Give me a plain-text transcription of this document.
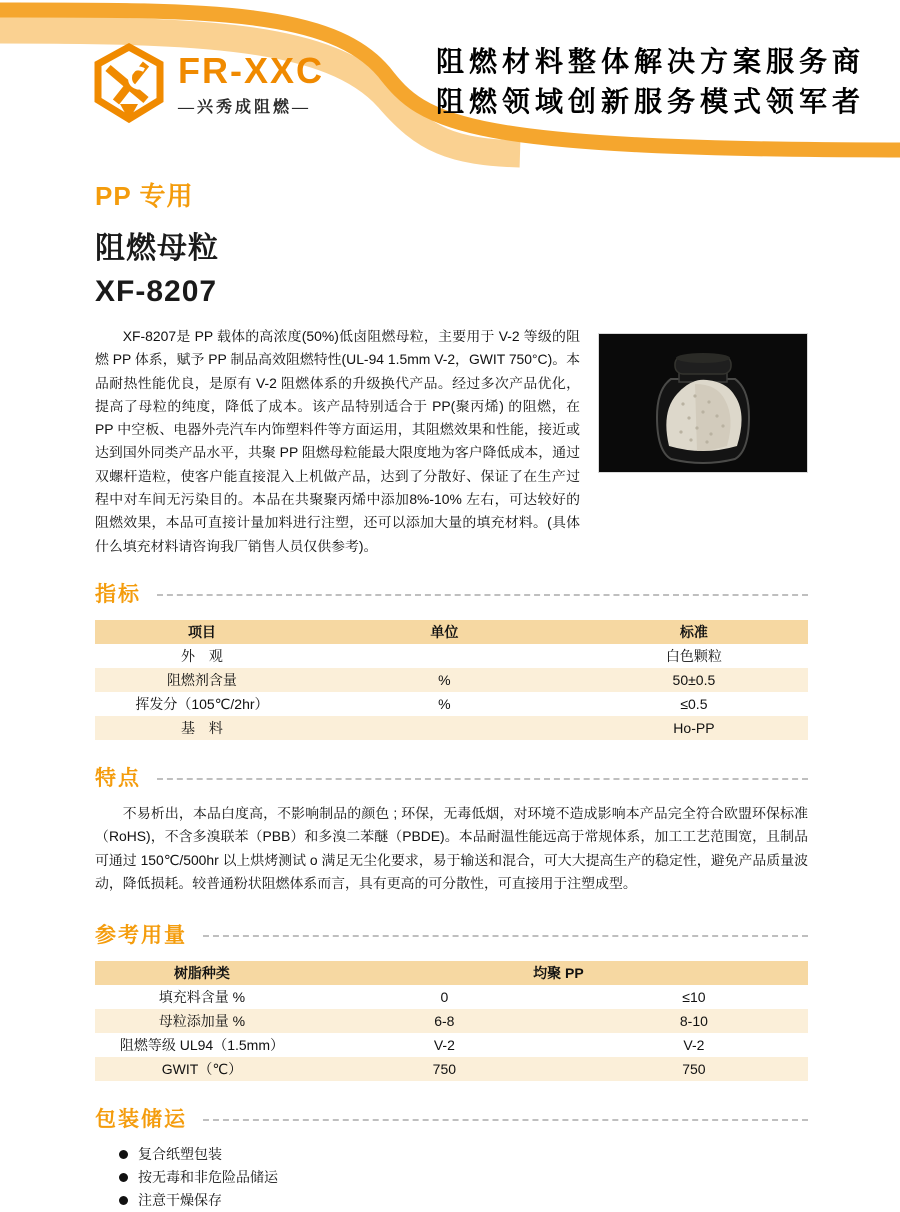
FR-XXC
—兴秀成阻燃—
阻燃材料整体解决方案服务商
阻燃领域创新服务模式领军者
PP 专用
阻燃母粒
XF-8207

XF-8207是 PP 载体的高浓度(50%)低卤阻燃母粒，主要用于 V-2 等级的阻燃 PP 体系，赋予 PP 制品高效阻燃特性(UL-94 1.5mm V-2，GWIT 750°C)。本品耐热性能优良，是原有 V-2 阻燃体系的升级换代产品。经过多次产品优化，提高了母粒的纯度，降低了成本。该产品特别适合于 PP(聚丙烯) 的阻燃，在 PP 中空板、电器外壳汽车内饰塑料件等方面运用，其阻燃效果和性能，接近或达到国外同类产品水平，共聚 PP 阻燃母粒能最大限度地为客户降低成本，通过双螺杆造粒，使客户能直接混入上机做产品，达到了分散好、保证了在生产过程中对车间无污染目的。本品在共聚聚丙烯中添加8%-10% 左右，可达较好的阻燃效果，本品可直接计量加料进行注塑，还可以添加大量的填充材料。(具体什么填充材料请咨询我厂销售人员仅供参考)。

指标
项目	单位	标准
外　观		白色颗粒
阻燃剂含量	%	50±0.5
挥发分（105℃/2hr）	%	≤0.5
基　料		Ho-PP
特点

不易析出，本品白度高，不影响制品的颜色 ; 环保，无毒低烟，对环境不造成影响本产品完全符合欧盟环保标准（RoHS)，不含多溴联苯（PBB）和多溴二苯醚（PBDE)。本品耐温性能远高于常规体系，加工工艺范围宽，且制品可通过 150℃/500hr 以上烘烤测试 o 满足无尘化要求，易于输送和混合，可大大提高生产的稳定性，避免产品质量波动，降低损耗。较普通粉状阻燃体系而言，具有更高的可分散性，可直接用于注塑成型。

参考用量
树脂种类	均聚 PP	
填充料含量 %	0	≤10
母粒添加量 %	6-8	8-10
阻燃等级 UL94（1.5mm）	V-2	V-2
GWIT（℃）	750	750
包装储运
复合纸塑包装
按无毒和非危险品储运
注意干燥保存
